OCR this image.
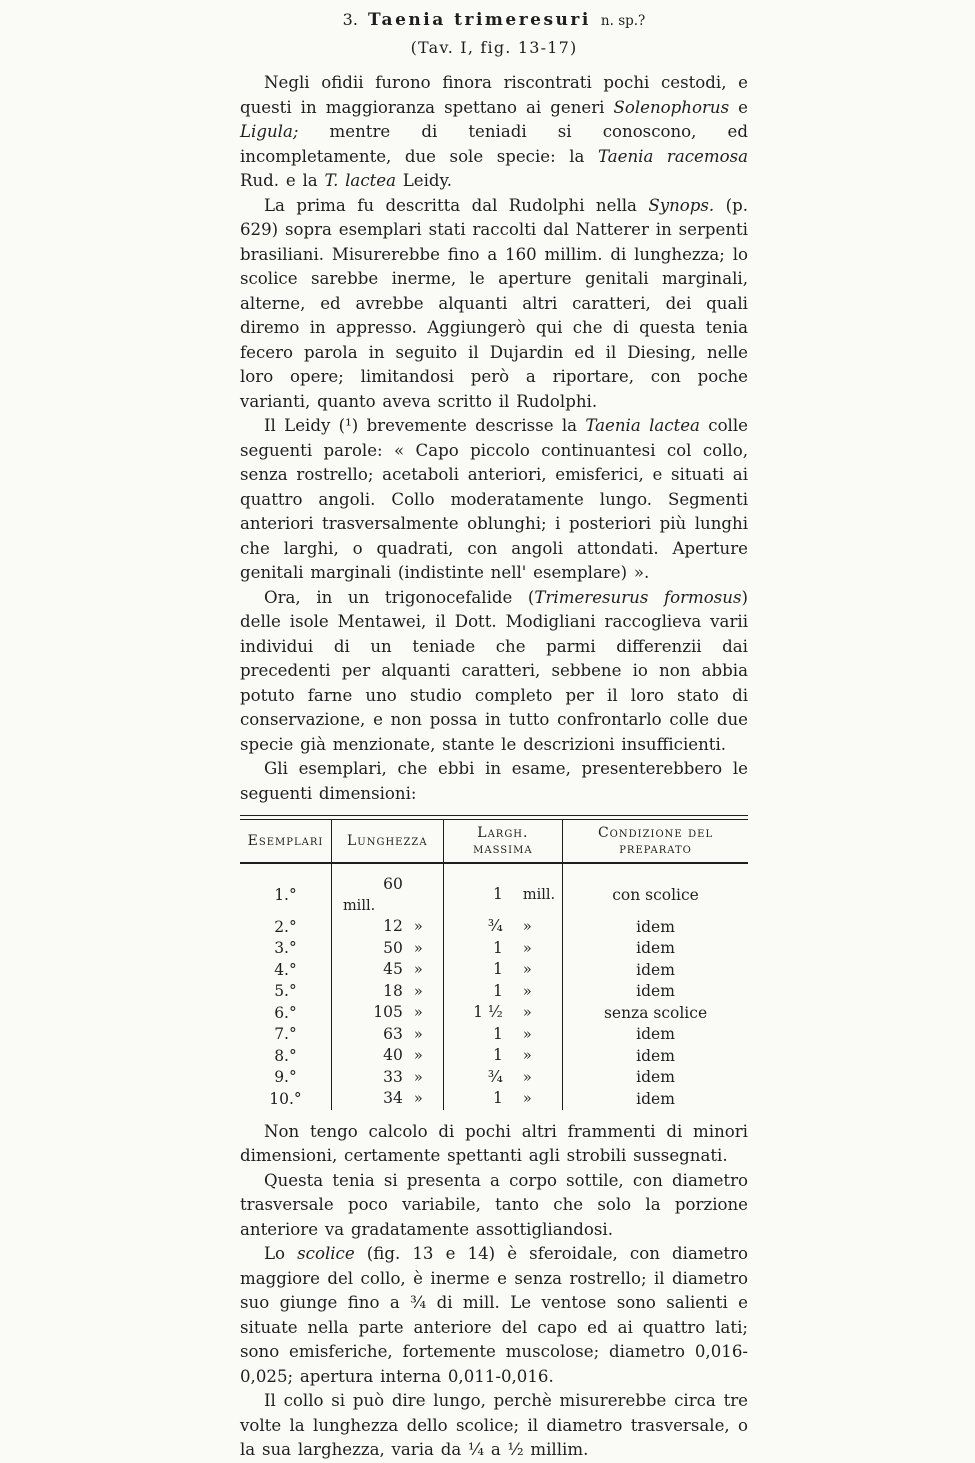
3. Taenia trimeresuri n. sp.?
(Tav. I, fig. 13-17)

Negli ofidii furono finora riscontrati pochi cestodi, e questi in maggioranza spettano ai generi Solenophorus e Ligula; mentre di teniadi si conoscono, ed incompletamente, due sole specie: la Taenia racemosa Rud. e la T. lactea Leidy.

La prima fu descritta dal Rudolphi nella Synops. (p. 629) sopra esemplari stati raccolti dal Natterer in serpenti brasiliani. Misurerebbe fino a 160 millim. di lunghezza; lo scolice sarebbe inerme, le aperture genitali marginali, alterne, ed avrebbe alquanti altri caratteri, dei quali diremo in appresso. Aggiungerò qui che di questa tenia fecero parola in seguito il Dujardin ed il Diesing, nelle loro opere; limitandosi però a riportare, con poche varianti, quanto aveva scritto il Rudolphi.

Il Leidy (¹) brevemente descrisse la Taenia lactea colle seguenti parole: « Capo piccolo continuantesi col collo, senza rostrello; acetaboli anteriori, emisferici, e situati ai quattro angoli. Collo moderatamente lungo. Segmenti anteriori trasversalmente oblunghi; i posteriori più lunghi che larghi, o quadrati, con angoli attondati. Aperture genitali marginali (indistinte nell' esemplare) ».

Ora, in un trigonocefalide (Trimeresurus formosus) delle isole Mentawei, il Dott. Modigliani raccoglieva varii individui di un teniade che parmi differenzii dai precedenti per alquanti caratteri, sebbene io non abbia potuto farne uno studio completo per il loro stato di conservazione, e non possa in tutto confrontarlo colle due specie già menzionate, stante le descrizioni insufficienti.

Gli esemplari, che ebbi in esame, presenterebbero le seguenti dimensioni:

Esemplari	Lunghezza	Largh. massima	Condizione del preparato
1.°	60mill.	1 mill.	con scolice
2.°	12 »	³⁄₄ »	idem
3.°	50 »	1 »	idem
4.°	45 »	1 »	idem
5.°	18 »	1 »	idem
6.°	105 »	1 ¹⁄₂ »	senza scolice
7.°	63 »	1 »	idem
8.°	40 »	1 »	idem
9.°	33 »	³⁄₄ »	idem
10.°	34 »	1 »	idem

Non tengo calcolo di pochi altri frammenti di minori dimensioni, certamente spettanti agli strobili sussegnati.

Questa tenia si presenta a corpo sottile, con diametro trasversale poco variabile, tanto che solo la porzione anteriore va gradatamente assottigliandosi.

Lo scolice (fig. 13 e 14) è sferoidale, con diametro maggiore del collo, è inerme e senza rostrello; il diametro suo giunge fino a ³⁄₄ di mill. Le ventose sono salienti e situate nella parte anteriore del capo ed ai quattro lati; sono emisferiche, fortemente muscolose; diametro 0,016-0,025; apertura interna 0,011-0,016.

Il collo si può dire lungo, perchè misurerebbe circa tre volte la lunghezza dello scolice; il diametro trasversale, o la sua larghezza, varia da ¹⁄₄ a ¹⁄₂ millim.
